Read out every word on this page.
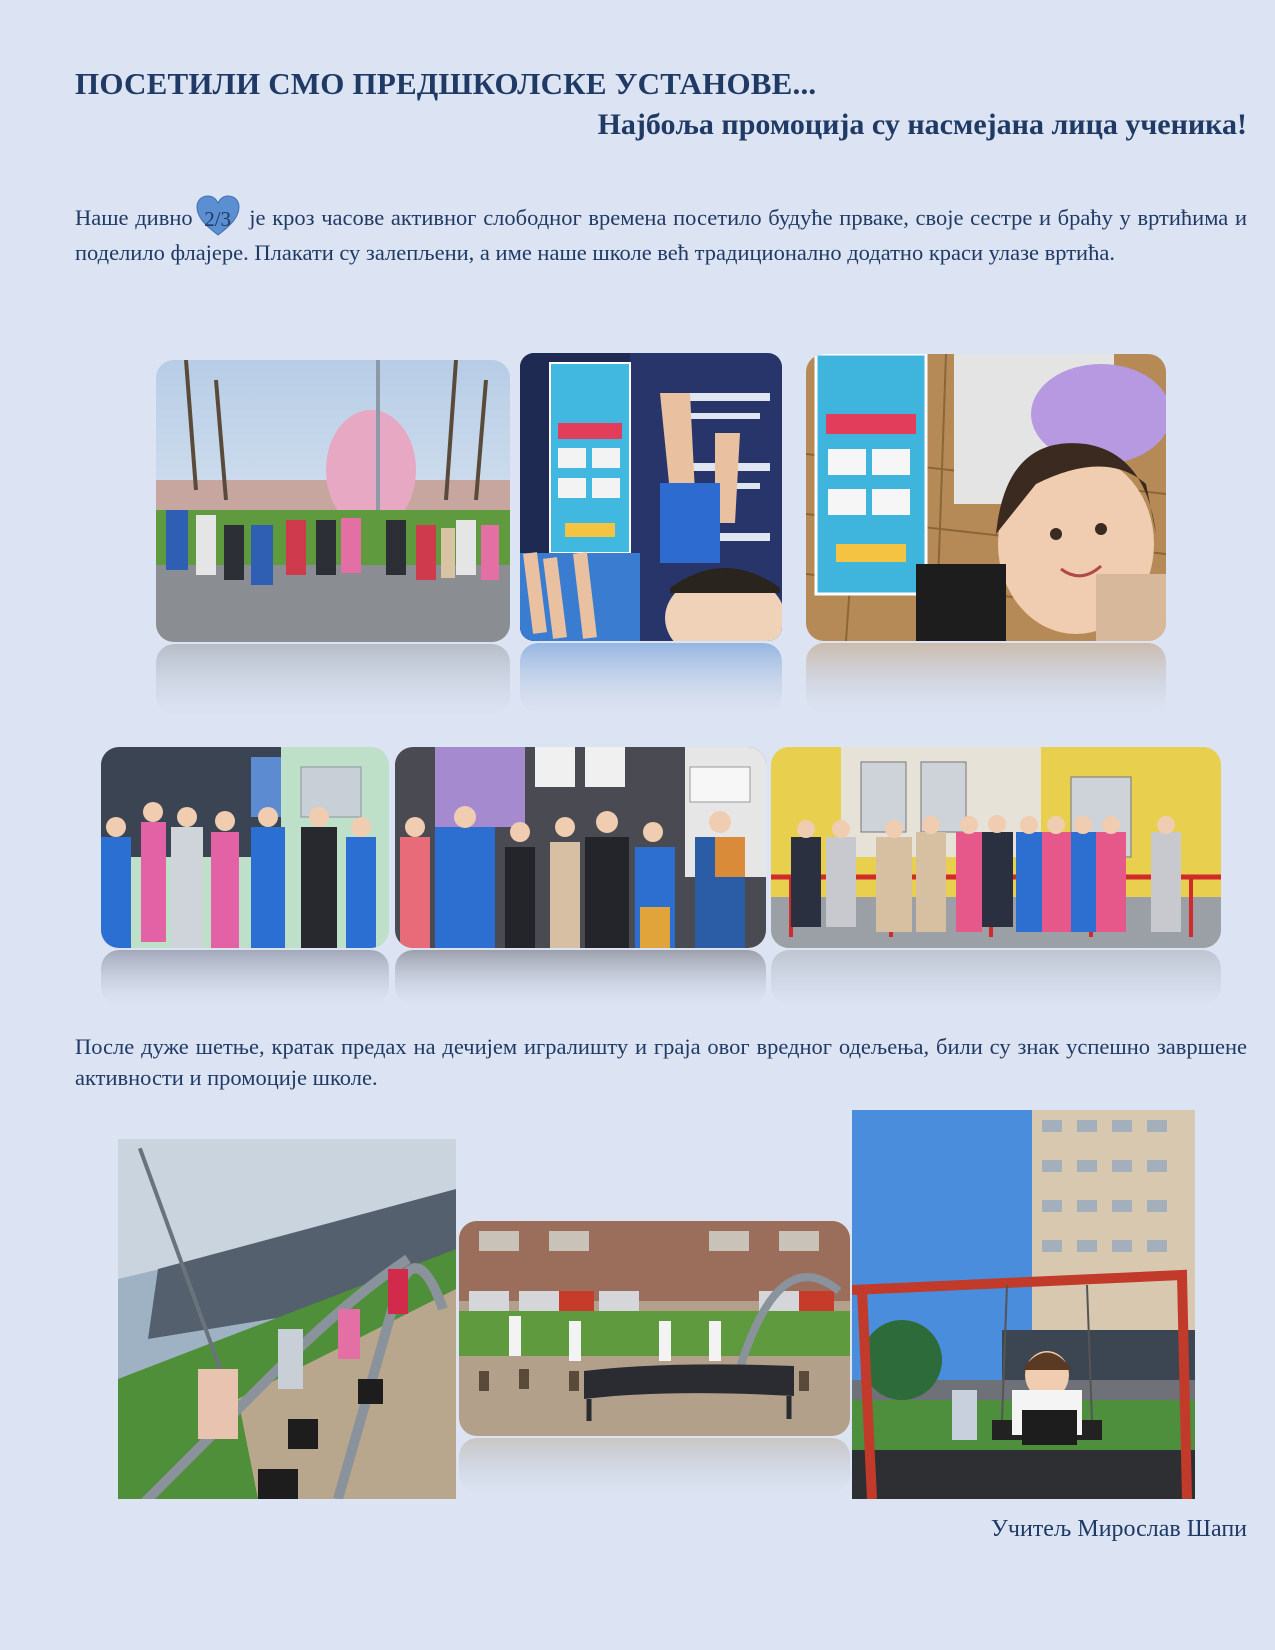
ПОСЕТИЛИ СМО ПРЕДШКОЛСКЕ УСТАНОВЕ...
Најбоља промоција су насмејана лица ученика!
Наше дивно 2/3 је кроз часове активног слободног времена посетило будуће прваке, своје сестре и браћу у вртићима и поделило флајере. Плакати су залепљени, а име наше школе већ традиционално додатно краси улазе вртића.
После дуже шетње, кратак предах на дечијем игралишту и граја овог вредног одељења, били су знак успешно завршене активности и промоције школе.
Учитељ Мирослав Шапи
